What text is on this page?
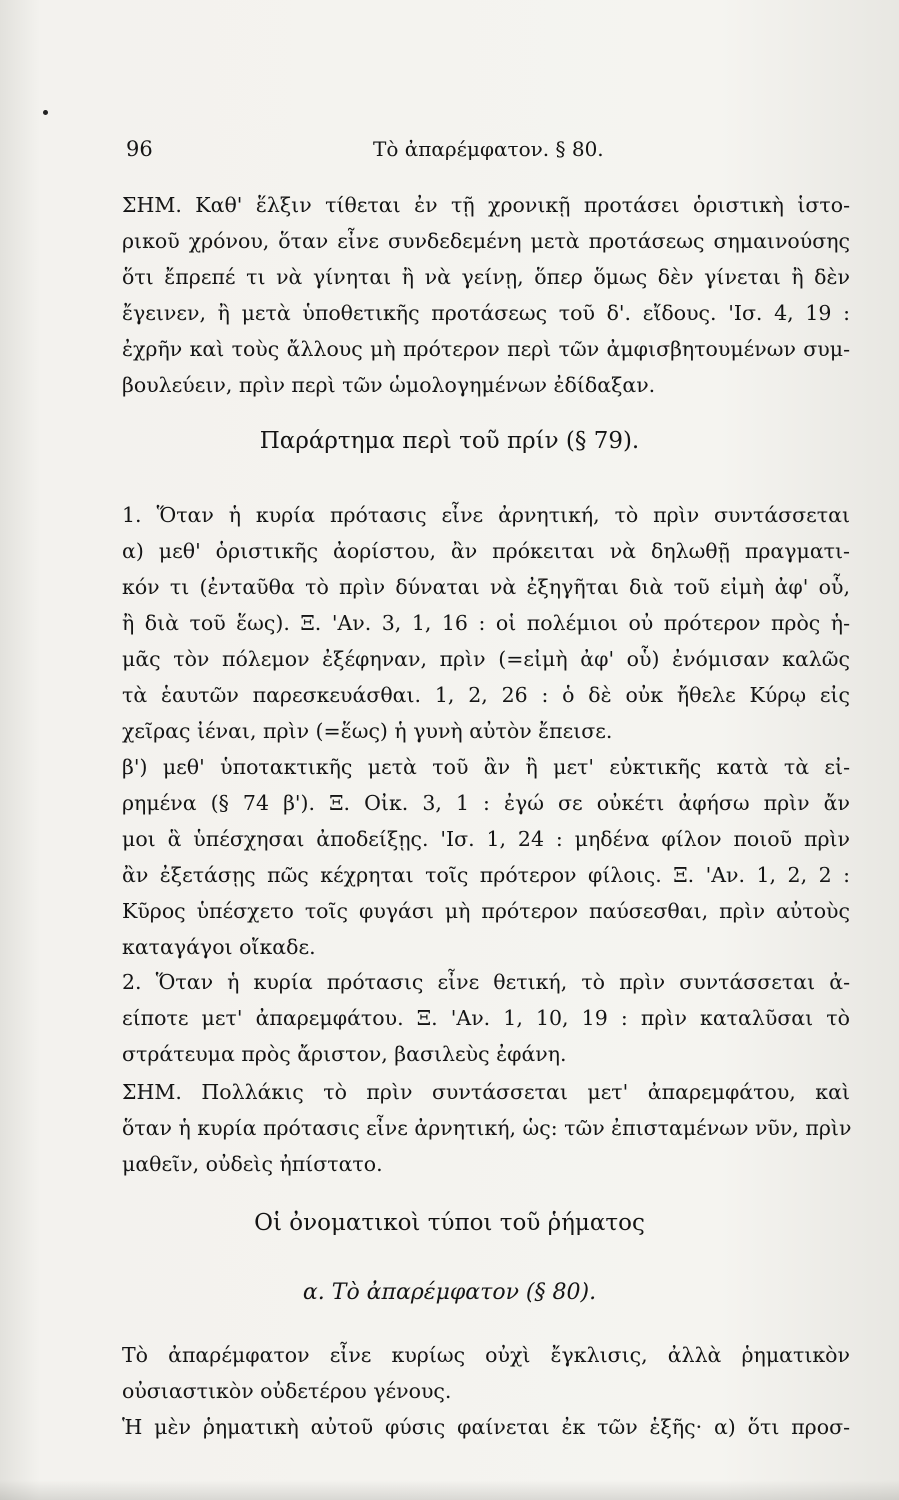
96	Τὸ ἀπαρέμφατον. § 80.
ΣΗΜ. Καθ' ἕλξιν τίθεται ἐν τῇ χρονικῇ προτάσει ὁριστικὴ ἱστο-
ρικοῦ χρόνου, ὅταν εἶνε συνδεδεμένη μετὰ προτάσεως σημαινούσης
ὅτι ἔπρεπέ τι νὰ γίνηται ἢ νὰ γείνῃ, ὅπερ ὅμως δὲν γίνεται ἢ δὲν
ἔγεινεν, ἢ μετὰ ὑποθετικῆς προτάσεως τοῦ δ'. εἴδους. 'Ισ. 4, 19 :
ἐχρῆν καὶ τοὺς ἄλλους μὴ πρότερον περὶ τῶν ἀμφισβητουμένων συμ-
βουλεύειν, πρὶν περὶ τῶν ὡμολογημένων ἐδίδαξαν.
Παράρτημα περὶ τοῦ πρίν (§ 79).
1. Ὅταν ἡ κυρία πρότασις εἶνε ἀρνητική, τὸ πρὶν συντάσσεται
α) μεθ' ὁριστικῆς ἀορίστου, ἂν πρόκειται νὰ δηλωθῇ πραγματι-
κόν τι (ἐνταῦθα τὸ πρὶν δύναται νὰ ἐξηγῆται διὰ τοῦ εἰμὴ ἀφ' οὗ,
ἢ διὰ τοῦ ἕως). Ξ. 'Αν. 3, 1, 16 : οἱ πολέμιοι οὐ πρότερον πρὸς ἡ-
μᾶς τὸν πόλεμον ἐξέφηναν, πρὶν (=εἰμὴ ἀφ' οὗ) ἐνόμισαν καλῶς
τὰ ἑαυτῶν παρεσκευάσθαι. 1, 2, 26 : ὁ δὲ οὐκ ἤθελε Κύρῳ εἰς
χεῖρας ἰέναι, πρὶν (=ἕως) ἡ γυνὴ αὐτὸν ἔπεισε.
β') μεθ' ὑποτακτικῆς μετὰ τοῦ ἂν ἢ μετ' εὐκτικῆς κατὰ τὰ εἰ-
ρημένα (§ 74 β'). Ξ. Οἰκ. 3, 1 : ἐγώ σε οὐκέτι ἀφήσω πρὶν ἄν
μοι ἃ ὑπέσχησαι ἀποδείξῃς. 'Ισ. 1, 24 : μηδένα φίλον ποιοῦ πρὶν
ἂν ἐξετάσῃς πῶς κέχρηται τοῖς πρότερον φίλοις. Ξ. 'Αν. 1, 2, 2 :
Κῦρος ὑπέσχετο τοῖς φυγάσι μὴ πρότερον παύσεσθαι, πρὶν αὐτοὺς
καταγάγοι οἴκαδε.
2. Ὅταν ἡ κυρία πρότασις εἶνε θετική, τὸ πρὶν συντάσσεται ἀ-
είποτε μετ' ἀπαρεμφάτου. Ξ. 'Αν. 1, 10, 19 : πρὶν καταλῦσαι τὸ
στράτευμα πρὸς ἄριστον, βασιλεὺς ἐφάνη.
ΣΗΜ. Πολλάκις τὸ πρὶν συντάσσεται μετ' ἀπαρεμφάτου, καὶ
ὅταν ἡ κυρία πρότασις εἶνε ἀρνητική, ὡς: τῶν ἐπισταμένων νῦν, πρὶν
μαθεῖν, οὐδεὶς ἠπίστατο.
Οἱ ὀνοματικοὶ τύποι τοῦ ῥήματος
α. Τὸ ἀπαρέμφατον (§ 80).
Τὸ ἀπαρέμφατον εἶνε κυρίως οὐχὶ ἔγκλισις, ἀλλὰ ῥηματικὸν
οὐσιαστικὸν οὐδετέρου γένους.
Ἡ μὲν ῥηματικὴ αὐτοῦ φύσις φαίνεται ἐκ τῶν ἑξῆς· α) ὅτι προσ-
